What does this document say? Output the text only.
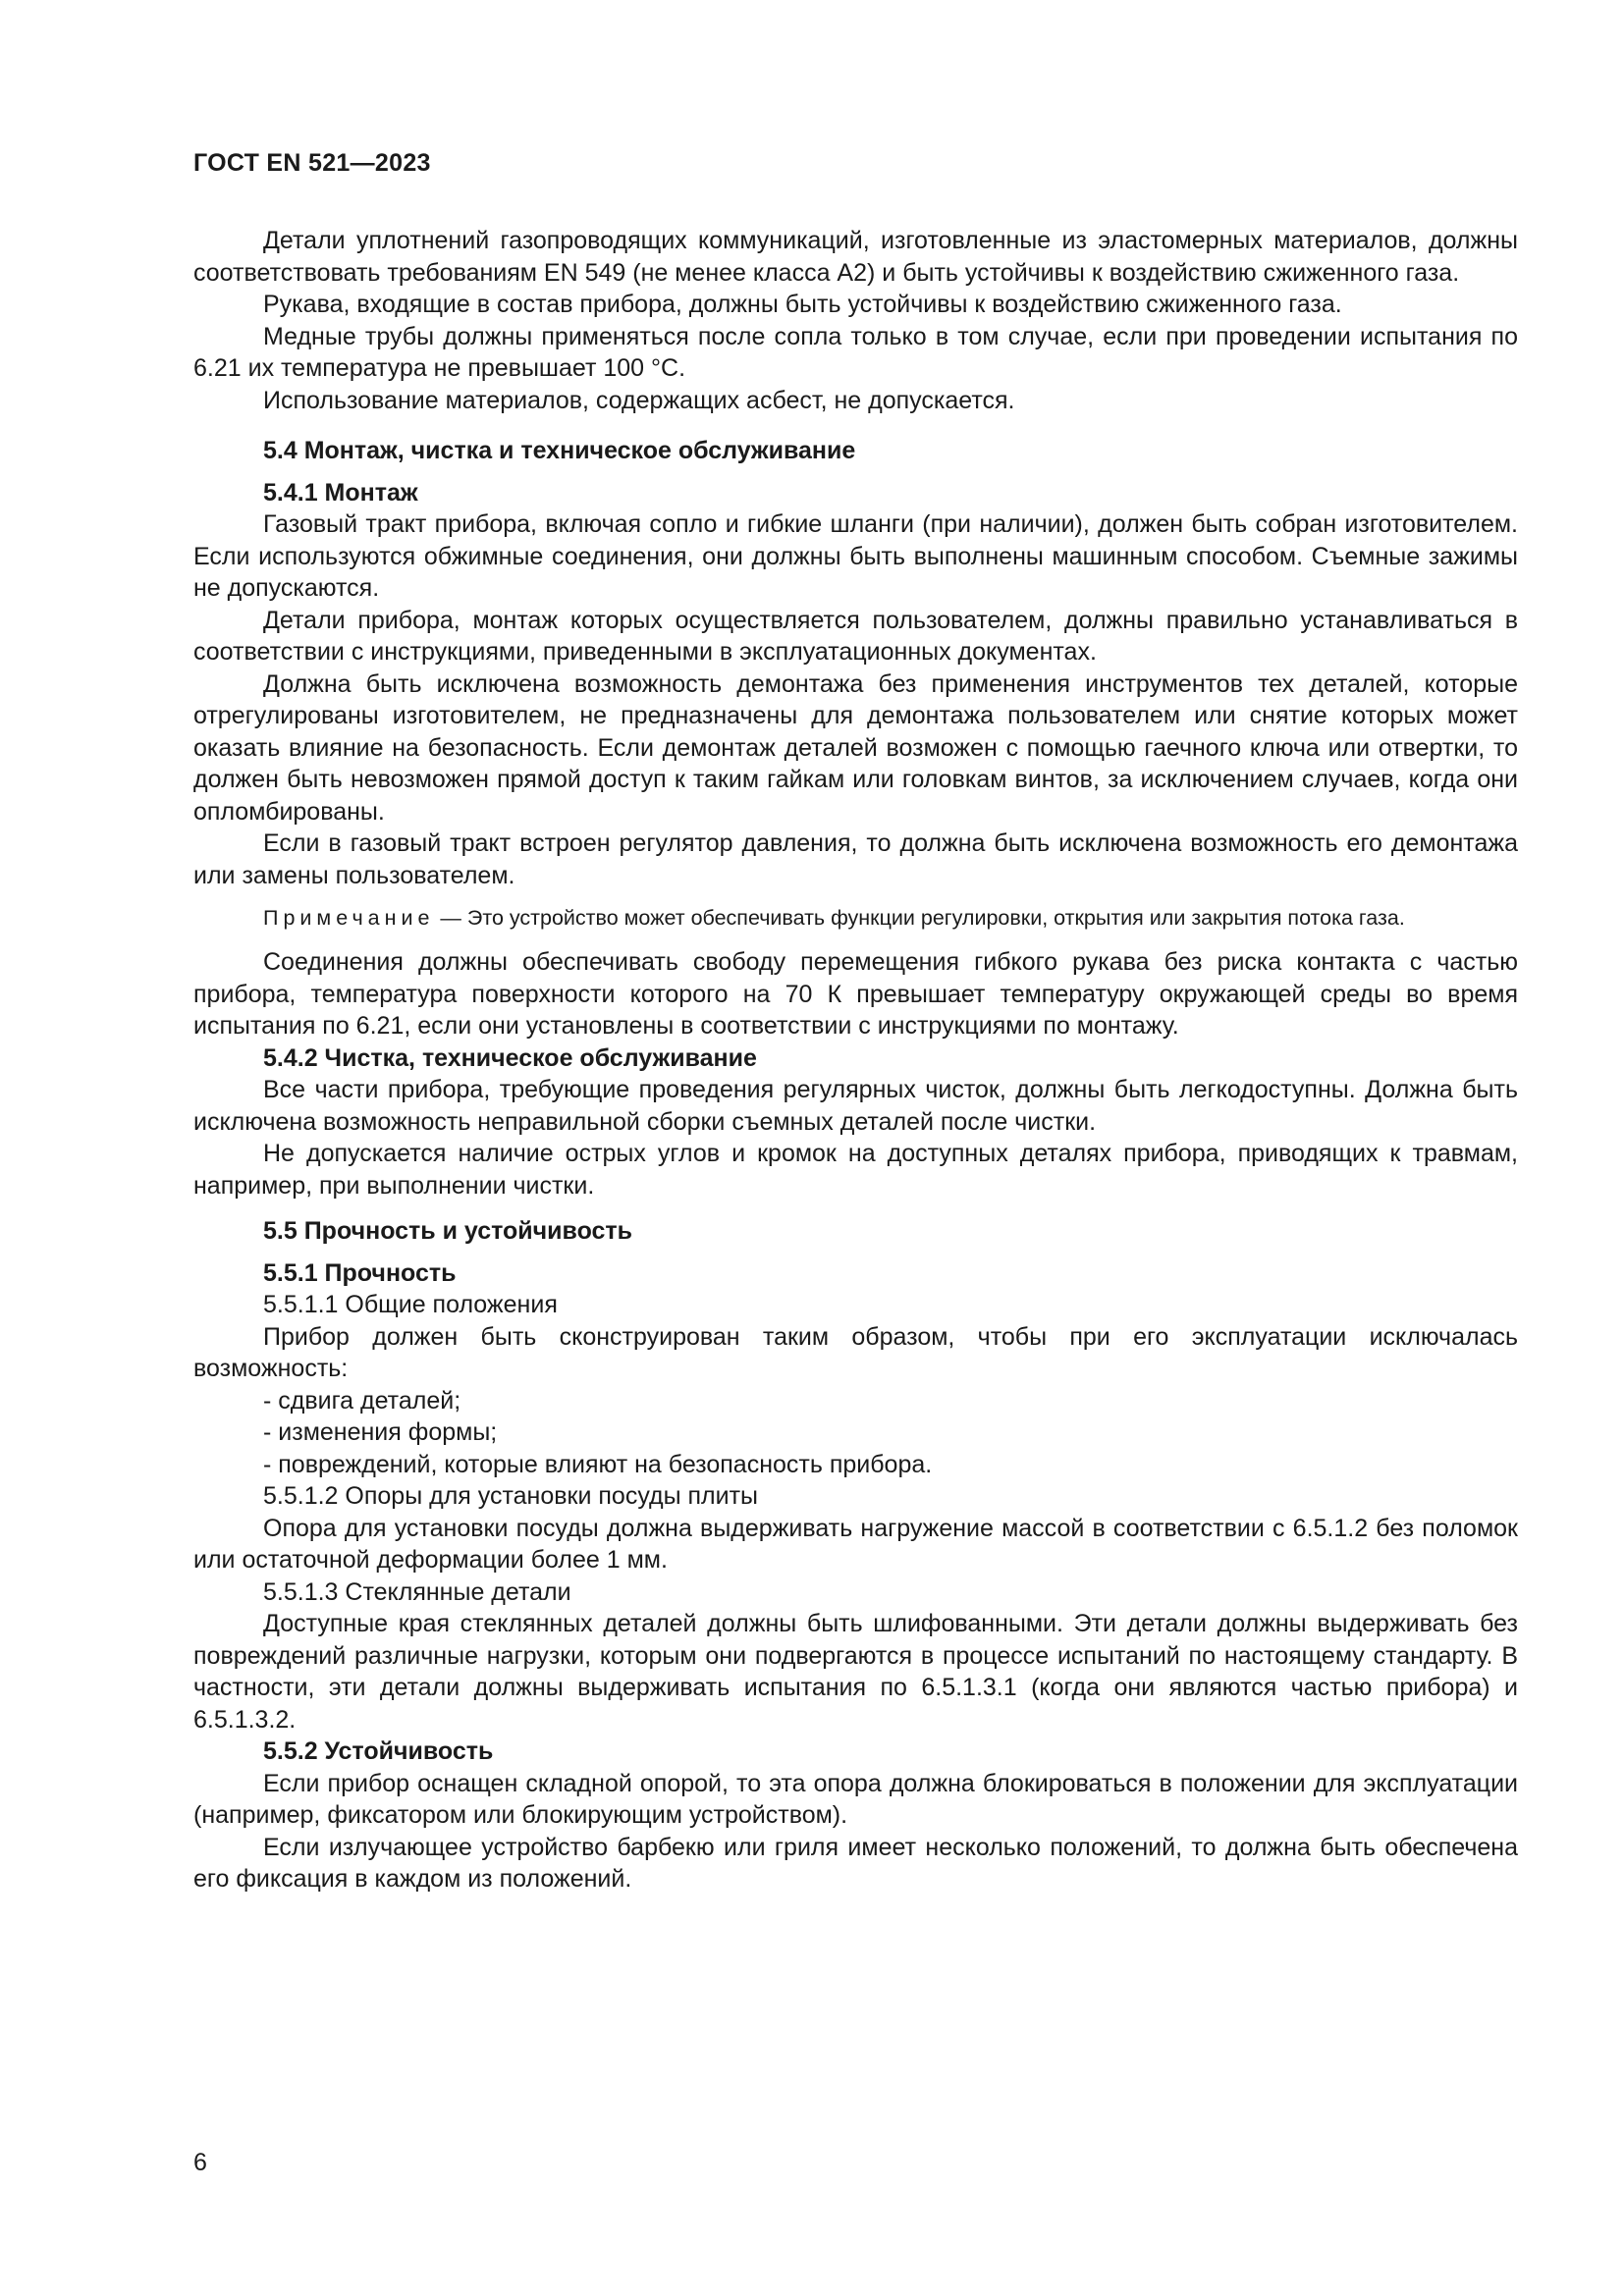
ГОСТ EN 521—2023

Детали уплотнений газопроводящих коммуникаций, изготовленные из эластомерных материалов, должны соответствовать требованиям EN 549 (не менее класса А2) и быть устойчивы к воздействию сжиженного газа.

Рукава, входящие в состав прибора, должны быть устойчивы к воздействию сжиженного газа.

Медные трубы должны применяться после сопла только в том случае, если при проведении испытания по 6.21 их температура не превышает 100 °С.

Использование материалов, содержащих асбест, не допускается.

5.4 Монтаж, чистка и техническое обслуживание
5.4.1 Монтаж

Газовый тракт прибора, включая сопло и гибкие шланги (при наличии), должен быть собран изготовителем. Если используются обжимные соединения, они должны быть выполнены машинным способом. Съемные зажимы не допускаются.

Детали прибора, монтаж которых осуществляется пользователем, должны правильно устанавливаться в соответствии с инструкциями, приведенными в эксплуатационных документах.

Должна быть исключена возможность демонтажа без применения инструментов тех деталей, которые отрегулированы изготовителем, не предназначены для демонтажа пользователем или снятие которых может оказать влияние на безопасность. Если демонтаж деталей возможен с помощью гаечного ключа или отвертки, то должен быть невозможен прямой доступ к таким гайкам или головкам винтов, за исключением случаев, когда они опломбированы.

Если в газовый тракт встроен регулятор давления, то должна быть исключена возможность его демонтажа или замены пользователем.

Примечание — Это устройство может обеспечивать функции регулировки, открытия или закрытия потока газа.

Соединения должны обеспечивать свободу перемещения гибкого рукава без риска контакта с частью прибора, температура поверхности которого на 70 К превышает температуру окружающей среды во время испытания по 6.21, если они установлены в соответствии с инструкциями по монтажу.

5.4.2 Чистка, техническое обслуживание

Все части прибора, требующие проведения регулярных чисток, должны быть легкодоступны. Должна быть исключена возможность неправильной сборки съемных деталей после чистки.

Не допускается наличие острых углов и кромок на доступных деталях прибора, приводящих к травмам, например, при выполнении чистки.

5.5 Прочность и устойчивость
5.5.1 Прочность
5.5.1.1 Общие положения

Прибор должен быть сконструирован таким образом, чтобы при его эксплуатации исключалась возможность:

- сдвига деталей;
- изменения формы;
- повреждений, которые влияют на безопасность прибора.
5.5.1.2 Опоры для установки посуды плиты

Опора для установки посуды должна выдерживать нагружение массой в соответствии с 6.5.1.2 без поломок или остаточной деформации более 1 мм.

5.5.1.3 Стеклянные детали

Доступные края стеклянных деталей должны быть шлифованными. Эти детали должны выдерживать без повреждений различные нагрузки, которым они подвергаются в процессе испытаний по настоящему стандарту. В частности, эти детали должны выдерживать испытания по 6.5.1.3.1 (когда они являются частью прибора) и 6.5.1.3.2.

5.5.2 Устойчивость

Если прибор оснащен складной опорой, то эта опора должна блокироваться в положении для эксплуатации (например, фиксатором или блокирующим устройством).

Если излучающее устройство барбекю или гриля имеет несколько положений, то должна быть обеспечена его фиксация в каждом из положений.

6
